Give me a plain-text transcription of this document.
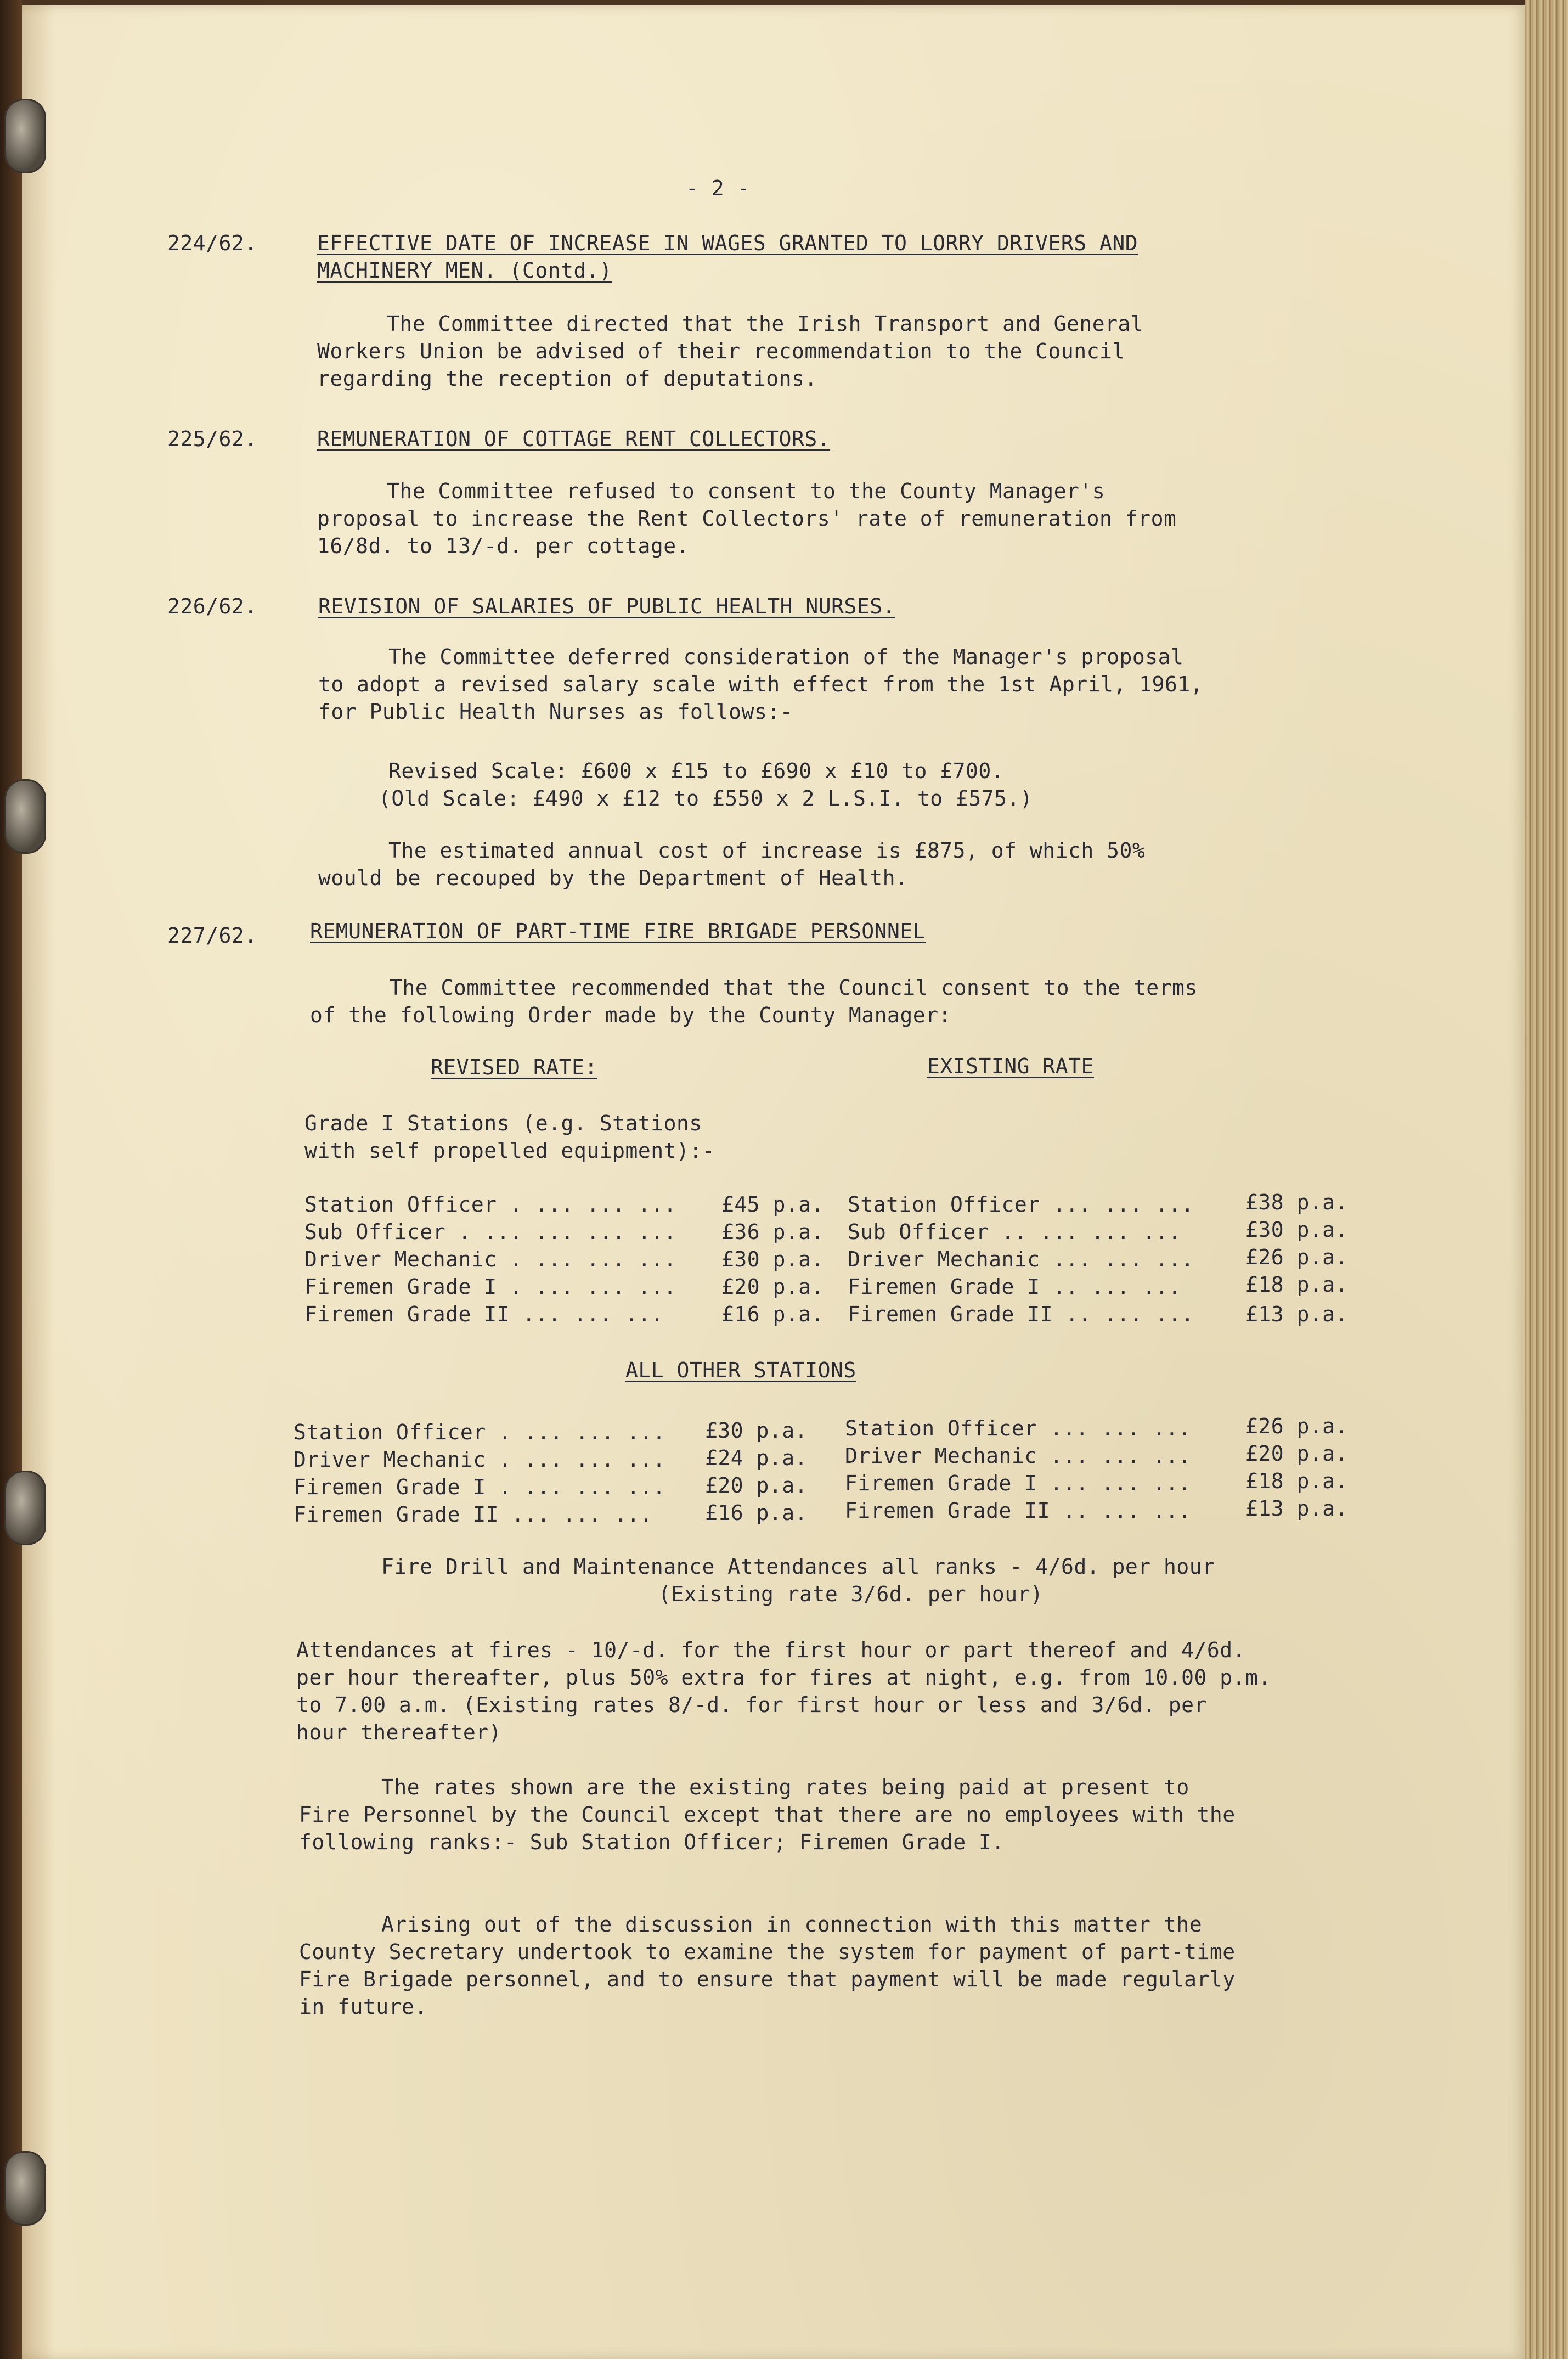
- 2 -
224/62.	EFFECTIVE DATE OF INCREASE IN WAGES GRANTED TO LORRY DRIVERS AND
MACHINERY MEN. (Contd.)
The Committee directed that the Irish Transport and General
Workers Union be advised of their recommendation to the Council
regarding the reception of deputations.
225/62.	REMUNERATION OF COTTAGE RENT COLLECTORS.
The Committee refused to consent to the County Manager's
proposal to increase the Rent Collectors' rate of remuneration from
16/8d. to 13/-d. per cottage.
226/62.	REVISION OF SALARIES OF PUBLIC HEALTH NURSES.
The Committee deferred consideration of the Manager's proposal
to adopt a revised salary scale with effect from the 1st April, 1961,
for Public Health Nurses as follows:-
Revised Scale: £600 x £15 to £690 x £10 to £700.
(Old Scale: £490 x £12 to £550 x 2 L.S.I. to £575.)
The estimated annual cost of increase is £875, of which 50%
would be recouped by the Department of Health.
227/62.	REMUNERATION OF PART-TIME FIRE BRIGADE PERSONNEL
The Committee recommended that the Council consent to the terms
of the following Order made by the County Manager:
REVISED RATE:	EXISTING RATE
Grade I Stations (e.g. Stations
with self propelled equipment):-
Station Officer . ... ... ... £45 p.a. Station Officer ... ... ... £38 p.a.
Sub Officer . ... ... ... ... £36 p.a. Sub Officer .. ... ... ...	£30 p.a.
Driver Mechanic . ... ... ... £30 p.a. Driver Mechanic ... ... ... £26 p.a.
Firemen Grade I . ... ... ... £20 p.a. Firemen Grade I .. ... ...	£18 p.a.
Firemen Grade II ... ... ...	£16 p.a. Firemen Grade II .. ... ... £13 p.a.
ALL OTHER STATIONS
Station Officer . ... ... ... £30 p.a. Station Officer ... ... ...	£26 p.a.
Driver Mechanic . ... ... ... £24 p.a. Driver Mechanic ... ... ...	£20 p.a.
Firemen Grade I . ... ... ... £20 p.a. Firemen Grade I ... ... ...	£18 p.a.
Firemen Grade II ... ... ...	£16 p.a. Firemen Grade II .. ... ...	£13 p.a.
Fire Drill and Maintenance Attendances all ranks - 4/6d. per hour
(Existing rate 3/6d. per hour)
Attendances at fires - 10/-d. for the first hour or part thereof and 4/6d.
per hour thereafter, plus 50% extra for fires at night, e.g. from 10.00 p.m.
to 7.00 a.m. (Existing rates 8/-d. for first hour or less and 3/6d. per
hour thereafter)
The rates shown are the existing rates being paid at present to
Fire Personnel by the Council except that there are no employees with the
following ranks:- Sub Station Officer; Firemen Grade I.
Arising out of the discussion in connection with this matter the
County Secretary undertook to examine the system for payment of part-time
Fire Brigade personnel, and to ensure that payment will be made regularly
in future.
